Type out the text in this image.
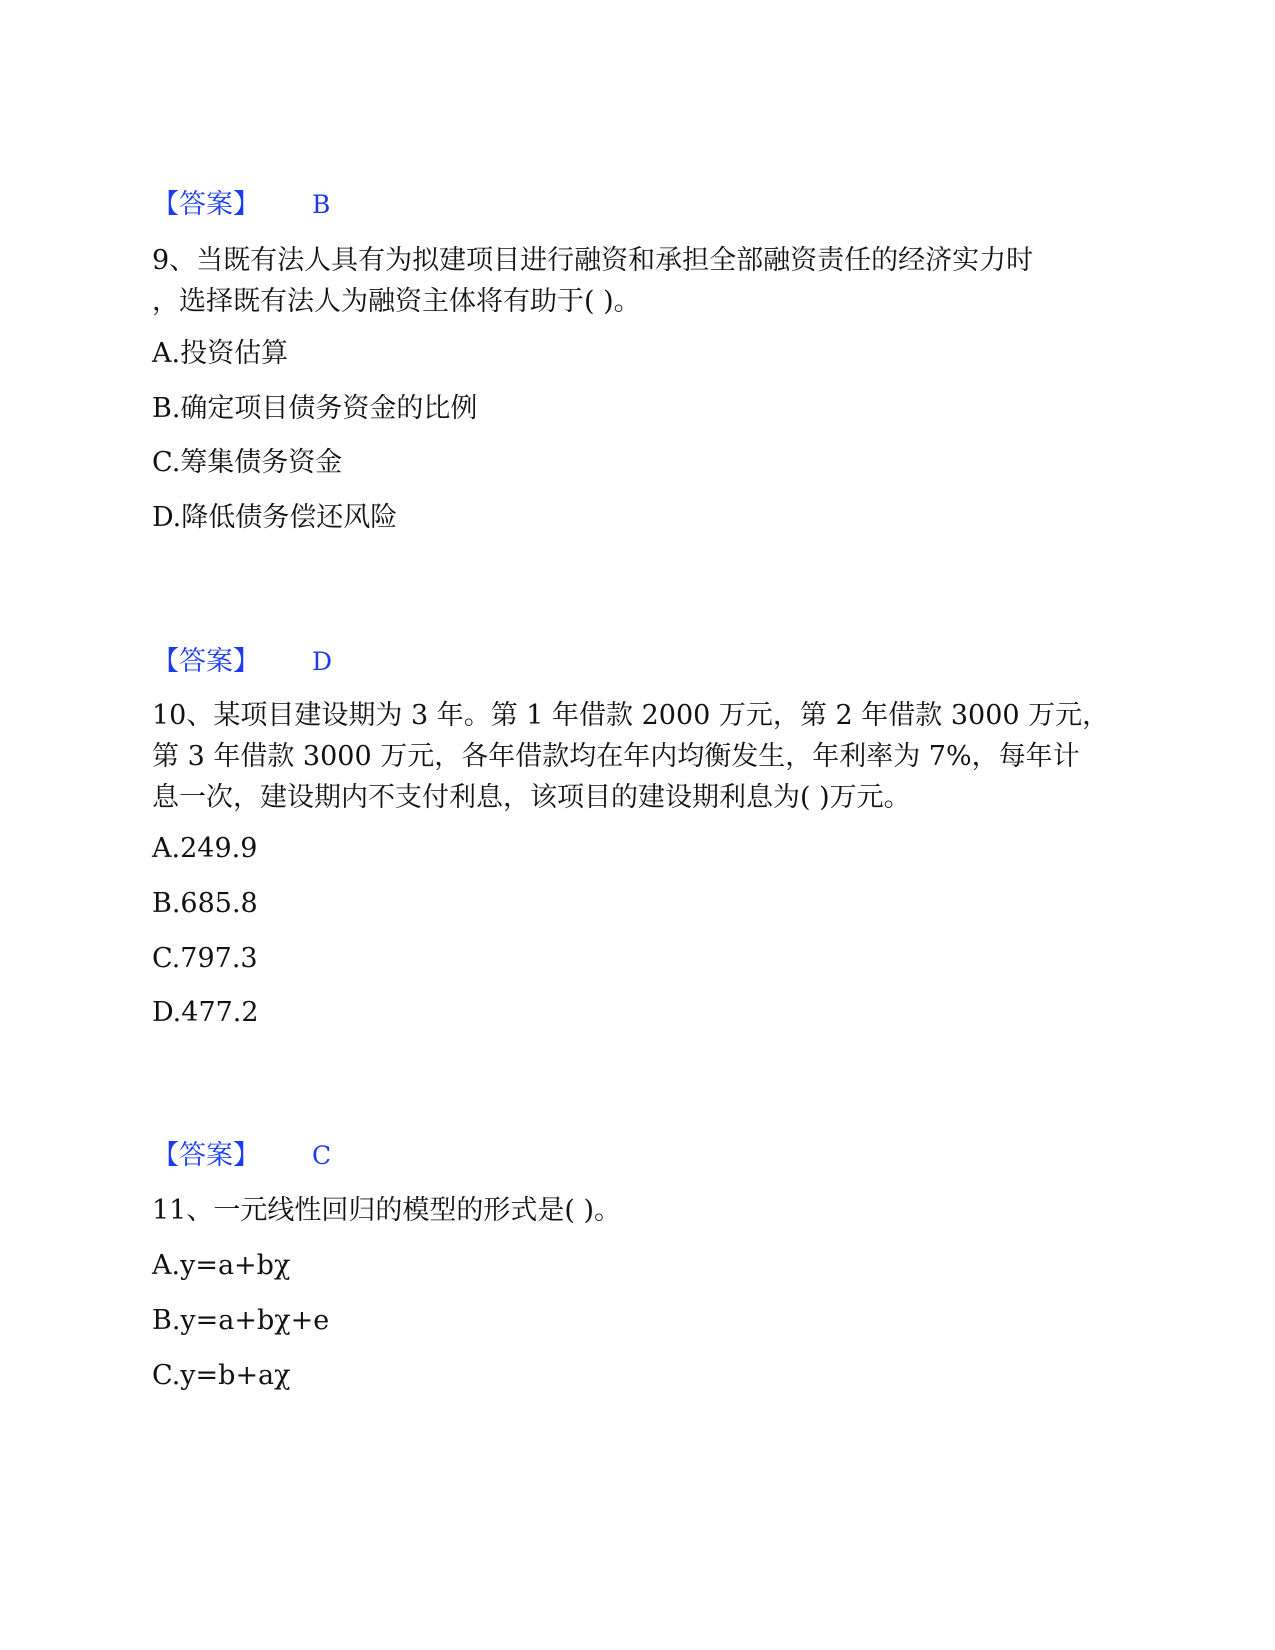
【答案】 B
9、当既有法人具有为拟建项目进行融资和承担全部融资责任的经济实力时
，选择既有法人为融资主体将有助于( )。
A.投资估算
B.确定项目债务资金的比例
C.筹集债务资金
D.降低债务偿还风险
【答案】 D
10、某项目建设期为 3 年。第 1 年借款 2000 万元，第 2 年借款 3000 万元，
第 3 年借款 3000 万元，各年借款均在年内均衡发生，年利率为 7%，每年计
息一次，建设期内不支付利息，该项目的建设期利息为( )万元。
A.249.9
B.685.8
C.797.3
D.477.2
【答案】 C
11、一元线性回归的模型的形式是( )。
A.y=a+bχ
B.y=a+bχ+e
C.y=b+aχ
